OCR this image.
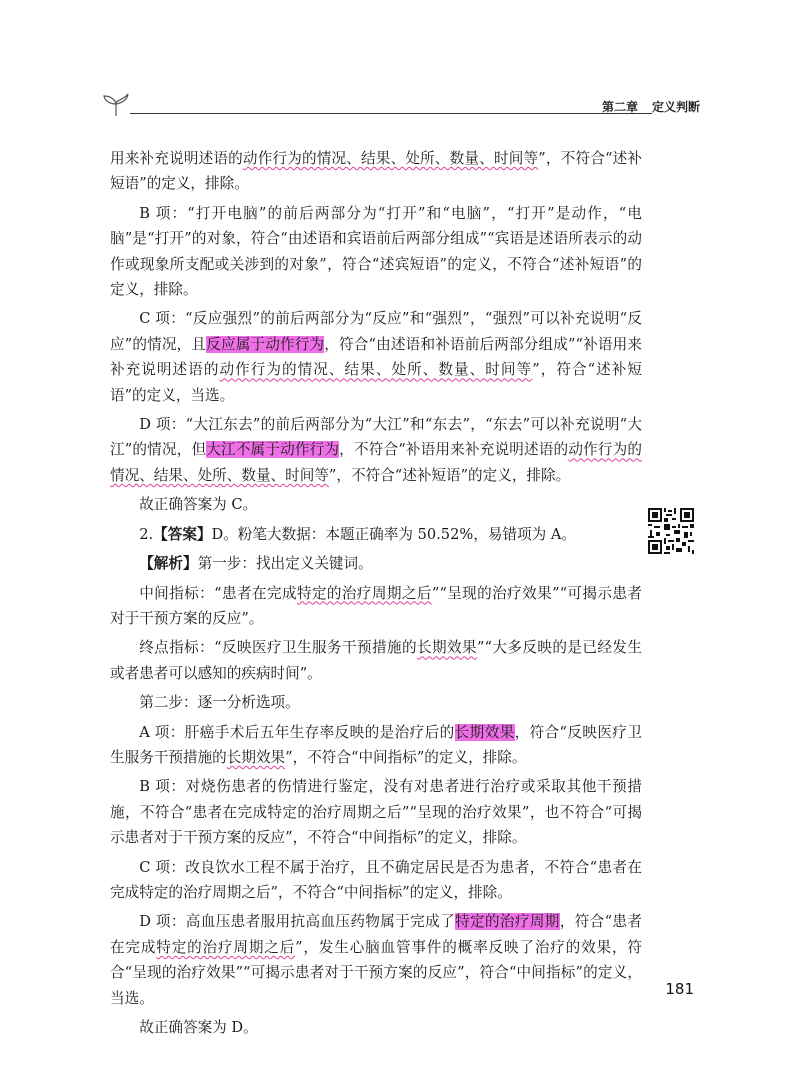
第二章 定义判断

用来补充说明述语的动作行为的情况、结果、处所、数量、时间等”，不符合“述补短语”的定义，排除。

B 项：“打开电脑”的前后两部分为“打开”和“电脑”，“打开”是动作，“电脑”是“打开”的对象，符合“由述语和宾语前后两部分组成”“宾语是述语所表示的动作或现象所支配或关涉到的对象”，符合“述宾短语”的定义，不符合“述补短语”的定义，排除。

C 项：“反应强烈”的前后两部分为“反应”和“强烈”，“强烈”可以补充说明“反应”的情况，且反应属于动作行为，符合“由述语和补语前后两部分组成”“补语用来补充说明述语的动作行为的情况、结果、处所、数量、时间等”，符合“述补短语”的定义，当选。

D 项：“大江东去”的前后两部分为“大江”和“东去”，“东去”可以补充说明“大江”的情况，但大江不属于动作行为，不符合“补语用来补充说明述语的动作行为的情况、结果、处所、数量、时间等”，不符合“述补短语”的定义，排除。

故正确答案为 C。

2.【答案】D。粉笔大数据：本题正确率为 50.52%，易错项为 A。

【解析】第一步：找出定义关键词。

中间指标：“患者在完成特定的治疗周期之后”“呈现的治疗效果”“可揭示患者对于干预方案的反应”。

终点指标：“反映医疗卫生服务干预措施的长期效果”“大多反映的是已经发生或者患者可以感知的疾病时间”。

第二步：逐一分析选项。

A 项：肝癌手术后五年生存率反映的是治疗后的长期效果，符合“反映医疗卫生服务干预措施的长期效果”，不符合“中间指标”的定义，排除。

B 项：对烧伤患者的伤情进行鉴定，没有对患者进行治疗或采取其他干预措施，不符合“患者在完成特定的治疗周期之后”“呈现的治疗效果”，也不符合“可揭示患者对于干预方案的反应”，不符合“中间指标”的定义，排除。

C 项：改良饮水工程不属于治疗，且不确定居民是否为患者，不符合“患者在完成特定的治疗周期之后”，不符合“中间指标”的定义，排除。

D 项：高血压患者服用抗高血压药物属于完成了特定的治疗周期，符合“患者在完成特定的治疗周期之后”，发生心脑血管事件的概率反映了治疗的效果，符合“呈现的治疗效果”“可揭示患者对于干预方案的反应”，符合“中间指标”的定义，当选。

故正确答案为 D。

181
